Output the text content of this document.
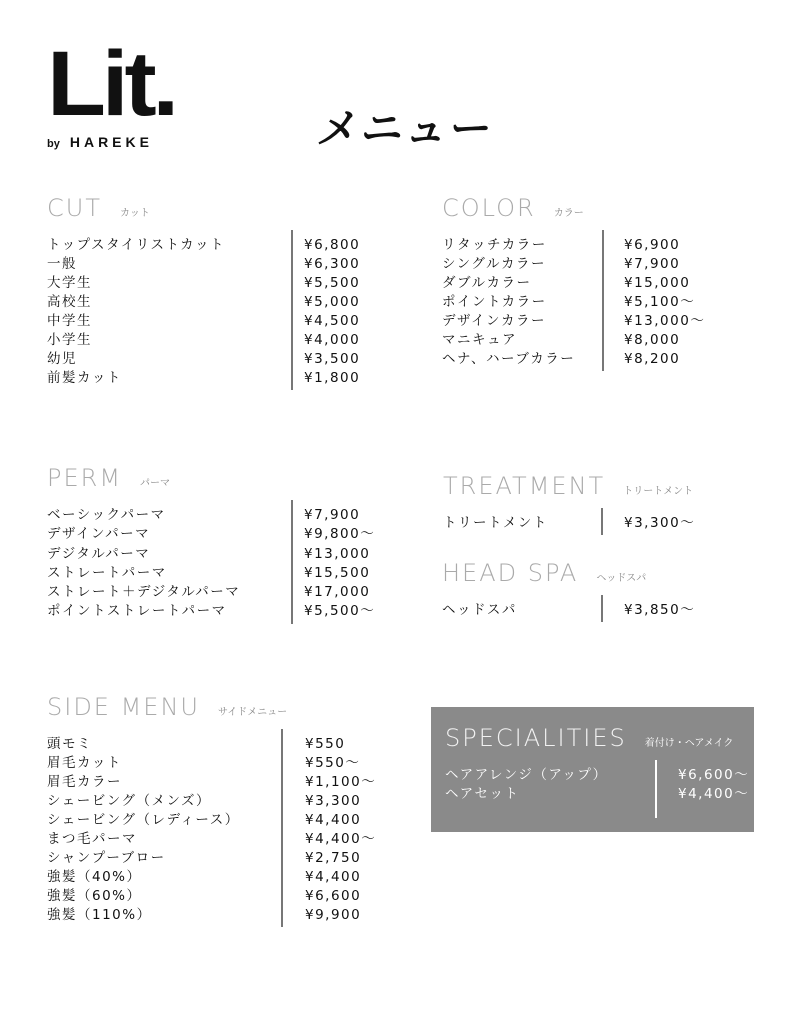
Lit.
by HAREKE	メニュー
CUT カット
トップスタイリストカット	¥6,800
一般	¥6,300
大学生	¥5,500
高校生	¥5,000
中学生	¥4,500
小学生	¥4,000
幼児	¥3,500
前髪カット	¥1,800
COLOR カラー
リタッチカラー	¥6,900
シングルカラー	¥7,900
ダブルカラー	¥15,000
ポイントカラー	¥5,100～
デザインカラー	¥13,000～
マニキュア	¥8,000
ヘナ、ハーブカラー	¥8,200
PERM パーマ
ベーシックパーマ	¥7,900
デザインパーマ	¥9,800～
デジタルパーマ	¥13,000
ストレートパーマ	¥15,500
ストレート＋デジタルパーマ	¥17,000
ポイントストレートパーマ	¥5,500～
TREATMENT トリートメント
トリートメント	¥3,300～
HEAD SPA ヘッドスパ
ヘッドスパ	¥3,850～
SIDE MENU サイドメニュー
頭モミ	¥550
眉毛カット	¥550～
眉毛カラー	¥1,100～
シェービング（メンズ）	¥3,300
シェービング（レディース）	¥4,400
まつ毛パーマ	¥4,400～
シャンプーブロー	¥2,750
強髪（40%）	¥4,400
強髪（60%）	¥6,600
強髪（110%）	¥9,900
SPECIALITIES 着付け・ヘアメイク
ヘアアレンジ（アップ）	¥6,600～
ヘアセット	¥4,400～
